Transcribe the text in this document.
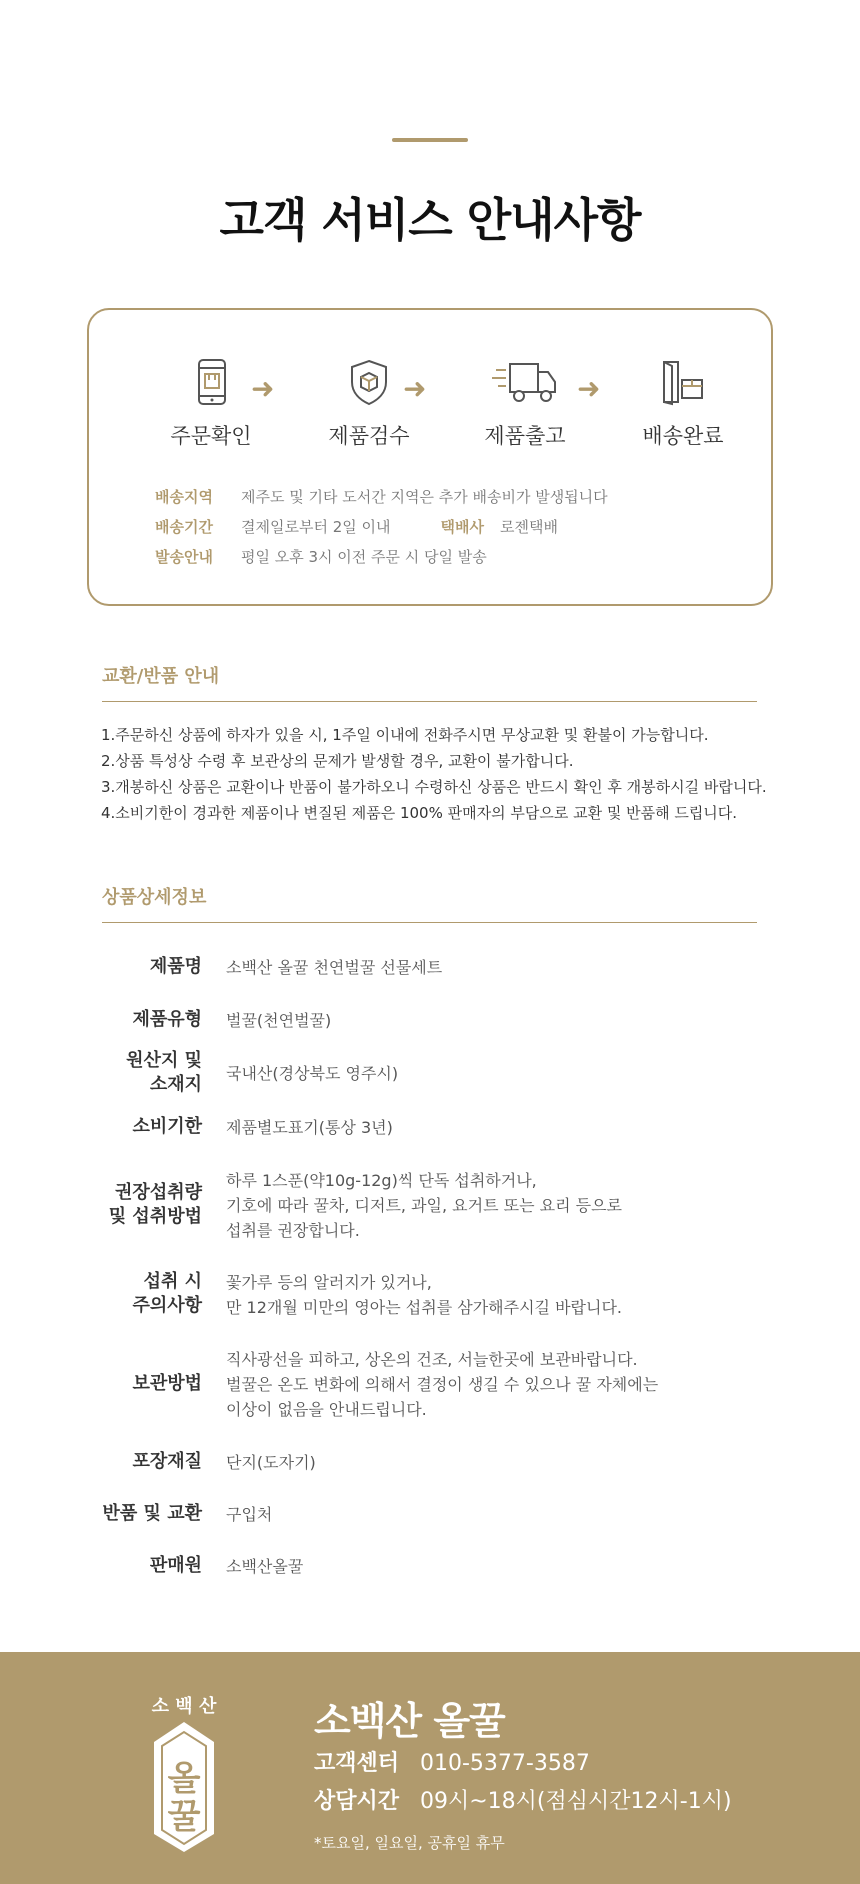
고객 서비스 안내사항
주문확인
➜
제품검수
➜
제품출고
➜
배송완료
배송지역 제주도 및 기타 도서간 지역은 추가 배송비가 발생됩니다
배송기간 결제일로부터 2일 이내	택배사 로젠택배
발송안내 평일 오후 3시 이전 주문 시 당일 발송
교환/반품 안내
1.주문하신 상품에 하자가 있을 시, 1주일 이내에 전화주시면 무상교환 및 환불이 가능합니다.
2.상품 특성상 수령 후 보관상의 문제가 발생할 경우, 교환이 불가합니다.
3.개봉하신 상품은 교환이나 반품이 불가하오니 수령하신 상품은 반드시 확인 후 개봉하시길 바랍니다.
4.소비기한이 경과한 제품이나 변질된 제품은 100% 판매자의 부담으로 교환 및 반품해 드립니다.
상품상세정보
제품명 소백산 올꿀 천연벌꿀 선물세트
제품유형 벌꿀(천연벌꿀)
원산지 및
소재지
국내산(경상북도 영주시)
소비기한 제품별도표기(통상 3년)
권장섭취량
및 섭취방법
하루 1스푼(약10g-12g)씩 단독 섭취하거나,
기호에 따라 꿀차, 디저트, 과일, 요거트 또는 요리 등으로
섭취를 권장합니다.
섭취 시
주의사항
꽃가루 등의 알러지가 있거나,
만 12개월 미만의 영아는 섭취를 삼가해주시길 바랍니다.
보관방법
직사광선을 피하고, 상온의 건조, 서늘한곳에 보관바랍니다.
벌꿀은 온도 변화에 의해서 결정이 생길 수 있으나 꿀 자체에는
이상이 없음을 안내드립니다.
포장재질 단지(도자기)
반품 및 교환 구입처
판매원 소백산올꿀
소 백 산
올
꿀
소백산 올꿀
고객센터 010-5377-3587
상담시간 09시~18시(점심시간12시-1시)
*토요일, 일요일, 공휴일 휴무
